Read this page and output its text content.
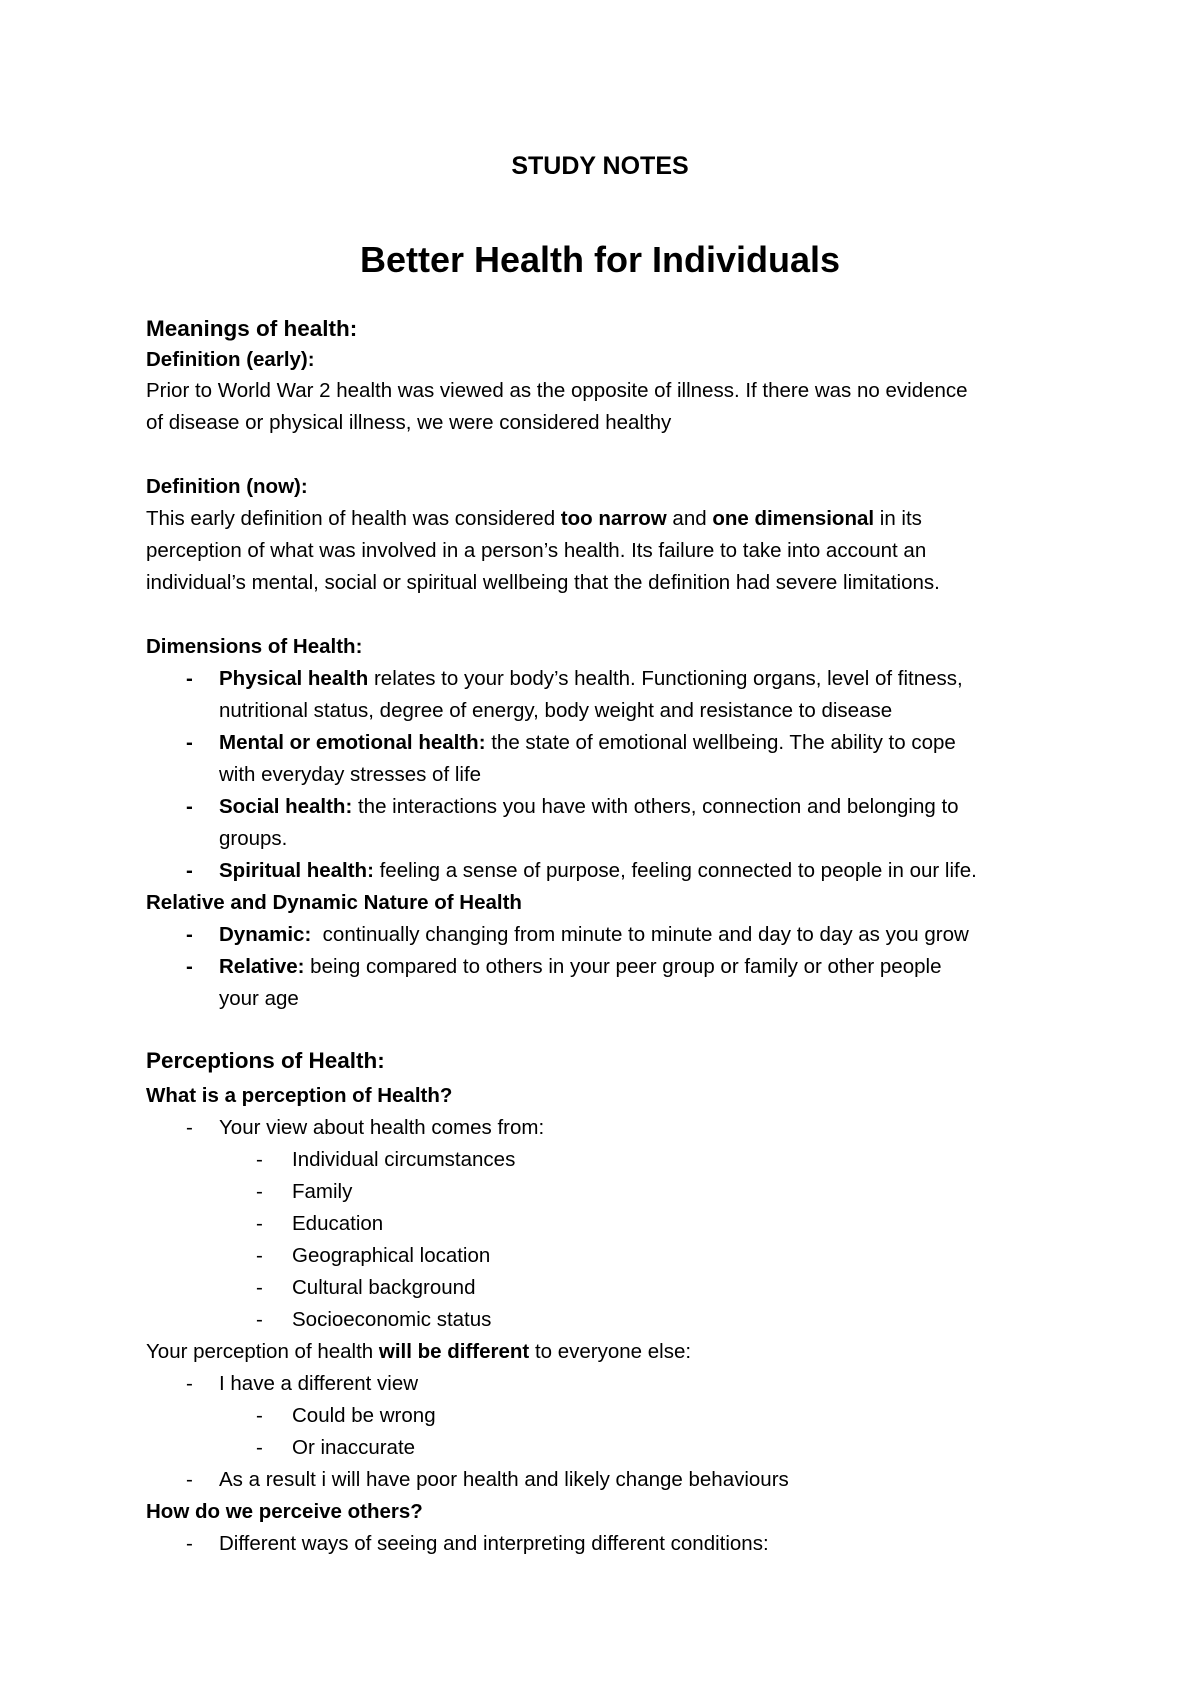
STUDY NOTES
Better Health for Individuals
Meanings of health:
Definition (early):
Prior to World War 2 health was viewed as the opposite of illness. If there was no evidence
of disease or physical illness, we were considered healthy
Definition (now):
This early definition of health was considered too narrow and one dimensional in its
perception of what was involved in a person’s health. Its failure to take into account an
individual’s mental, social or spiritual wellbeing that the definition had severe limitations.
Dimensions of Health:
-	Physical health relates to your body’s health. Functioning organs, level of fitness,
nutritional status, degree of energy, body weight and resistance to disease
-	Mental or emotional health: the state of emotional wellbeing. The ability to cope
with everyday stresses of life
-	Social health: the interactions you have with others, connection and belonging to
groups.
-	Spiritual health: feeling a sense of purpose, feeling connected to people in our life.
Relative and Dynamic Nature of Health
-	Dynamic:  continually changing from minute to minute and day to day as you grow
-	Relative: being compared to others in your peer group or family or other people
your age
Perceptions of Health:
What is a perception of Health?
-	Your view about health comes from:
-	Individual circumstances
-	Family
-	Education
-	Geographical location
-	Cultural background
-	Socioeconomic status
Your perception of health will be different to everyone else:
-	I have a different view
-	Could be wrong
-	Or inaccurate
-	As a result i will have poor health and likely change behaviours
How do we perceive others?
-	Different ways of seeing and interpreting different conditions:
